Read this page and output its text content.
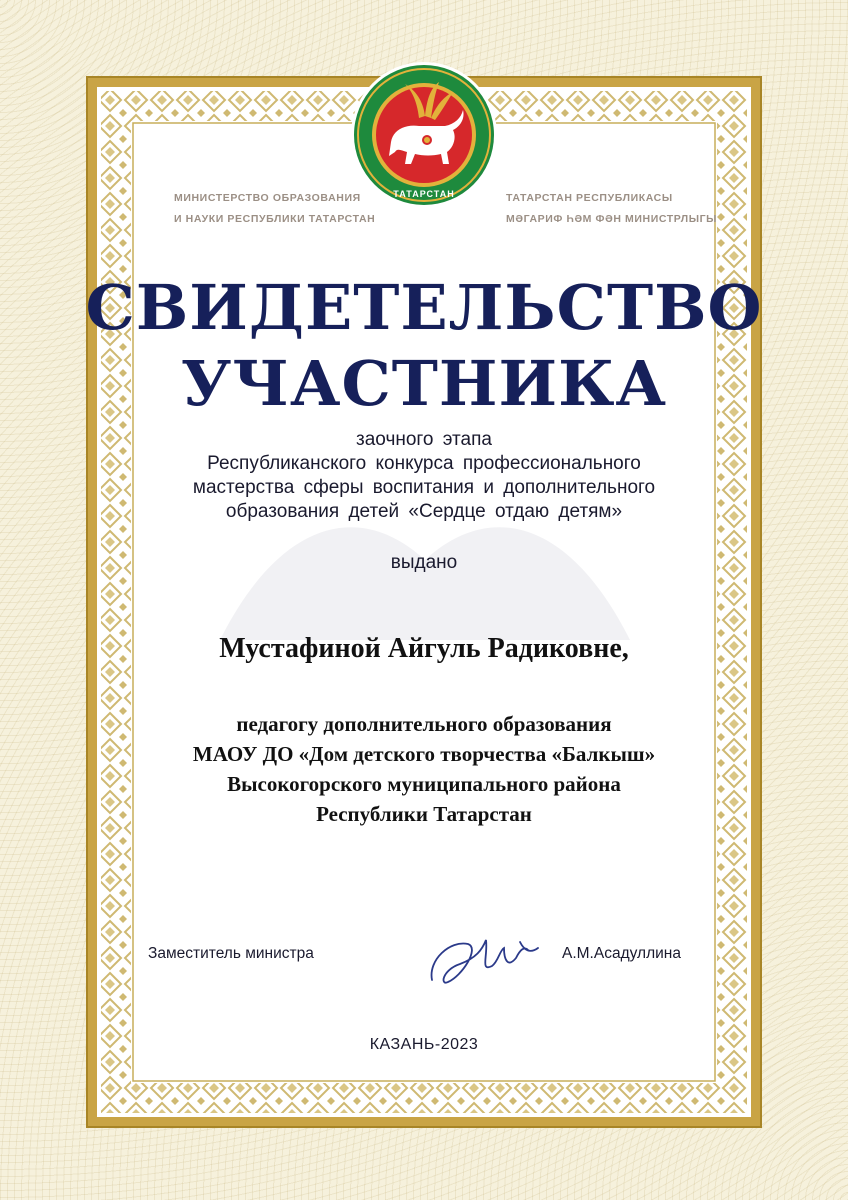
ТАТАРСТАН
МИНИСТЕРСТВО ОБРАЗОВАНИЯ
И НАУКИ РЕСПУБЛИКИ ТАТАРСТАН
ТАТАРСТАН РЕСПУБЛИКАСЫ
МӘГАРИФ ҺӘМ ФӘН МИНИСТРЛЫГЫ
СВИДЕТЕЛЬСТВО
УЧАСТНИКА
заочного этапа
Республиканского конкурса профессионального
мастерства сферы воспитания и дополнительного
образования детей «Сердце отдаю детям»
выдано
Мустафиной Айгуль Радиковне,
педагогу дополнительного образования
МАОУ ДО «Дом детского творчества «Балкыш»
Высокогорского муниципального района
Республики Татарстан
Заместитель министра	А.М.Асадуллина
КАЗАНЬ-2023
